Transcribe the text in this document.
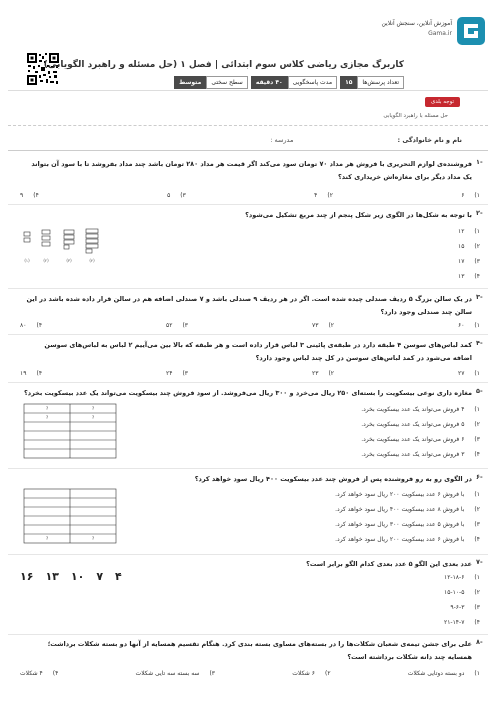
آموزش آنلاین، سنجش آنلاین
Gama.ir
کاربرگ مجازی ریاضی کلاس سوم ابتدائی | فصل ۱ (حل مسئله و راهبرد الگویابی)
تعداد پرسش‌ها
۱۵
مدت پاسخگویی
۴۰ دقیقه
سطح سختی
متوسط
توجه بلدی
حل مسئله با راهبرد الگویابی
نام و نام خانوادگی :
مدرسه :
۱-
فروشنده‌ی لوازم التحریری با فروش هر مداد ۷۰ تومان سود می‌کند اگر قیمت هر مداد ۲۸۰ تومان باشد چند مداد بفروشد تا با سود آن بتواند یک مداد دیگر برای مغازه‌اش خریداری کند؟
۱)
۶
۲)
۴
۳)
۵
۴)
۹
۲-
با توجه به شکل‌ها در الگوی زیر شکل پنجم از چند مربع تشکیل می‌شود؟
(۱)	(۲)	(۳)	(۴)
۱)
۱۲
۲)
۱۵
۳)
۱۷
۴)
۱۳
۳-
در یک سالن بزرگ ۵ ردیف صندلی چیده شده است. اگر در هر ردیف ۹ صندلی باشد و ۷ صندلی اضافه هم در سالن قرار داده شده باشد در این سالن چند صندلی وجود دارد؟
۱)
۶۰
۲)
۷۳
۳)
۵۲
۴)
۸۰
۴-
کمد لباس‌های سوسن ۴ طبقه دارد در طبقه‌ی پائینی ۳ لباس قرار داده است و هر طبقه که بالا بین می‌آییم ۲ لباس به لباس‌های سوسن اضافه می‌شود در کمد لباس‌های سوسن در کل چند لباس وجود دارد؟
۱)
۲۷
۲)
۲۳
۳)
۲۴
۴)
۱۹
۵-
مغازه داری نوعی بیسکویت را بسته‌ای ۲۵۰ ریال می‌خرد و ۳۰۰ ریال می‌فروشد. از سود فروش چند بیسکویت می‌تواند یک عدد بیسکویت بخرد؟
?	?
?	?
۱)
۴ فروش می‌تواند یک عدد بیسکویت بخرد.
۲)
۵ فروش می‌تواند یک عدد بیسکویت بخرد.
۳)
۶ فروش می‌تواند یک عدد بیسکویت بخرد.
۴)
۳ فروش می‌تواند یک عدد بیسکویت بخرد.
۶-
در الگوی رو به رو فروشنده پس از فروش چند عدد بیسکویت ۴۰۰ ریال سود خواهد کرد؟
?	?
۱)
با فروش ۶ عدد بیسکویت ۲۰۰ ریال سود خواهد کرد.
۲)
با فروش ۸ عدد بیسکویت ۴۰۰ ریال سود خواهد کرد.
۳)
با فروش ۵ عدد بیسکویت ۳۰۰ ریال سود خواهد کرد.
۴)
با فروش ۶ عدد بیسکویت ۲۰۰ ریال سود خواهد کرد.
۷-
عدد بعدی این الگو ۵ عدد بعدی کدام الگو برابر است؟
۱۶ ۱۳ ۱۰ ۷ ۴	۱)
۱۲-۱۸-۶
۲)
۱۵-۱۰-۵
۳)
۹-۶-۳
۴)
۲۱-۱۴-۷
۸-
علی برای جشن تیمه‌ی شعبان شکلات‌ها را در بسته‌های مساوی بسته بندی کرد. هنگام تقسیم همسایه از آنها دو بسته شکلات برداشت؛ همسایه چند دانه شکلات برداشته است؟
۱)
دو بسته دوتایی شکلات
۲)
۶ شکلات
۳)
سه بسته سه تایی شکلات
۴)
۴ شکلات
